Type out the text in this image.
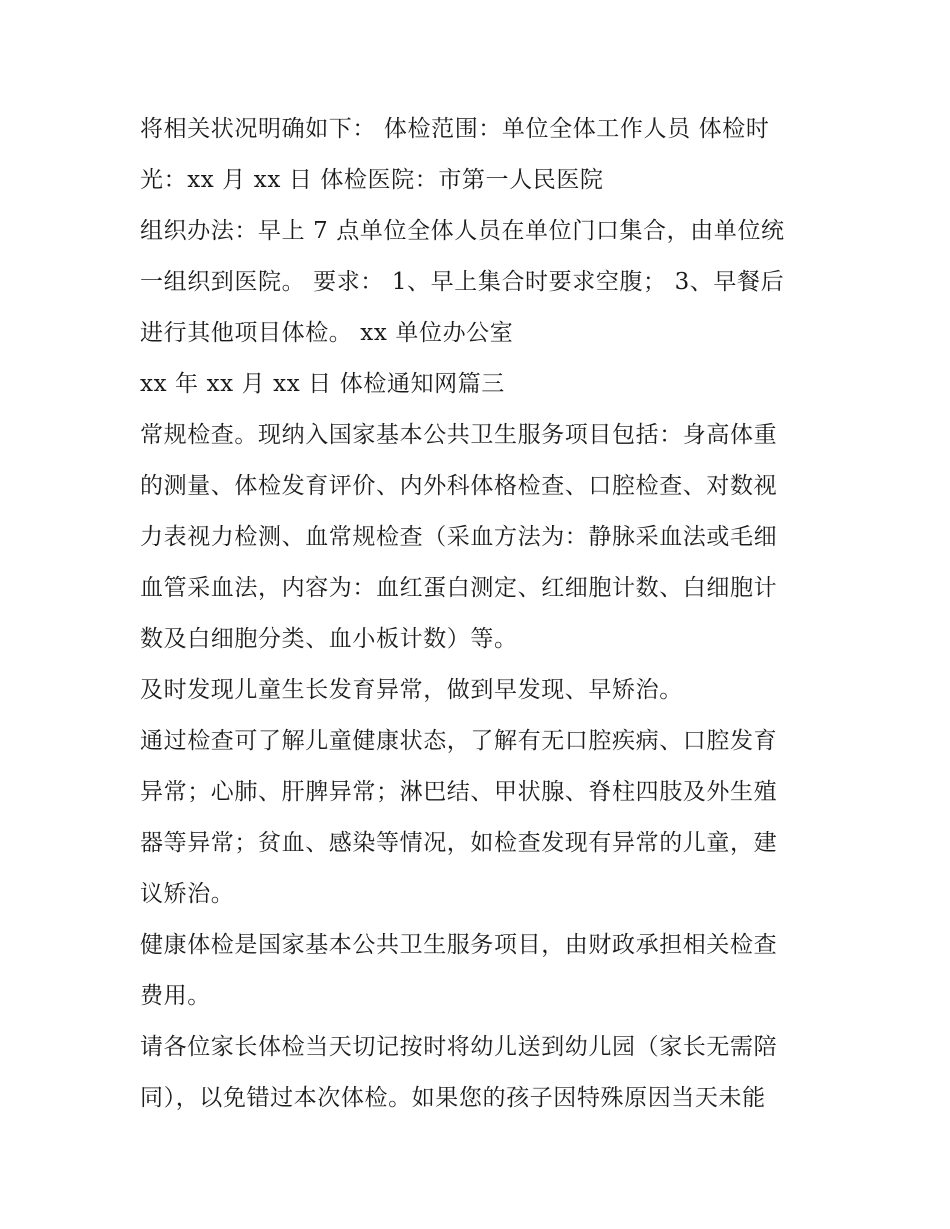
将相关状况明确如下： 体检范围：单位全体工作人员 体检时
光：xx 月 xx 日 体检医院：市第一人民医院
组织办法：早上 7 点单位全体人员在单位门口集合，由单位统
一组织到医院。 要求： 1、早上集合时要求空腹； 3、早餐后
进行其他项目体检。 xx 单位办公室
xx 年 xx 月 xx 日 体检通知网篇三
常规检查。现纳入国家基本公共卫生服务项目包括：身高体重
的测量、体检发育评价、内外科体格检查、口腔检查、对数视
力表视力检测、血常规检查（采血方法为：静脉采血法或毛细
血管采血法，内容为：血红蛋白测定、红细胞计数、白细胞计
数及白细胞分类、血小板计数）等。
及时发现儿童生长发育异常，做到早发现、早矫治。
通过检查可了解儿童健康状态，了解有无口腔疾病、口腔发育
异常；心肺、肝脾异常；淋巴结、甲状腺、脊柱四肢及外生殖
器等异常；贫血、感染等情况，如检查发现有异常的儿童，建
议矫治。
健康体检是国家基本公共卫生服务项目，由财政承担相关检查
费用。
请各位家长体检当天切记按时将幼儿送到幼儿园（家长无需陪
同），以免错过本次体检。如果您的孩子因特殊原因当天未能
